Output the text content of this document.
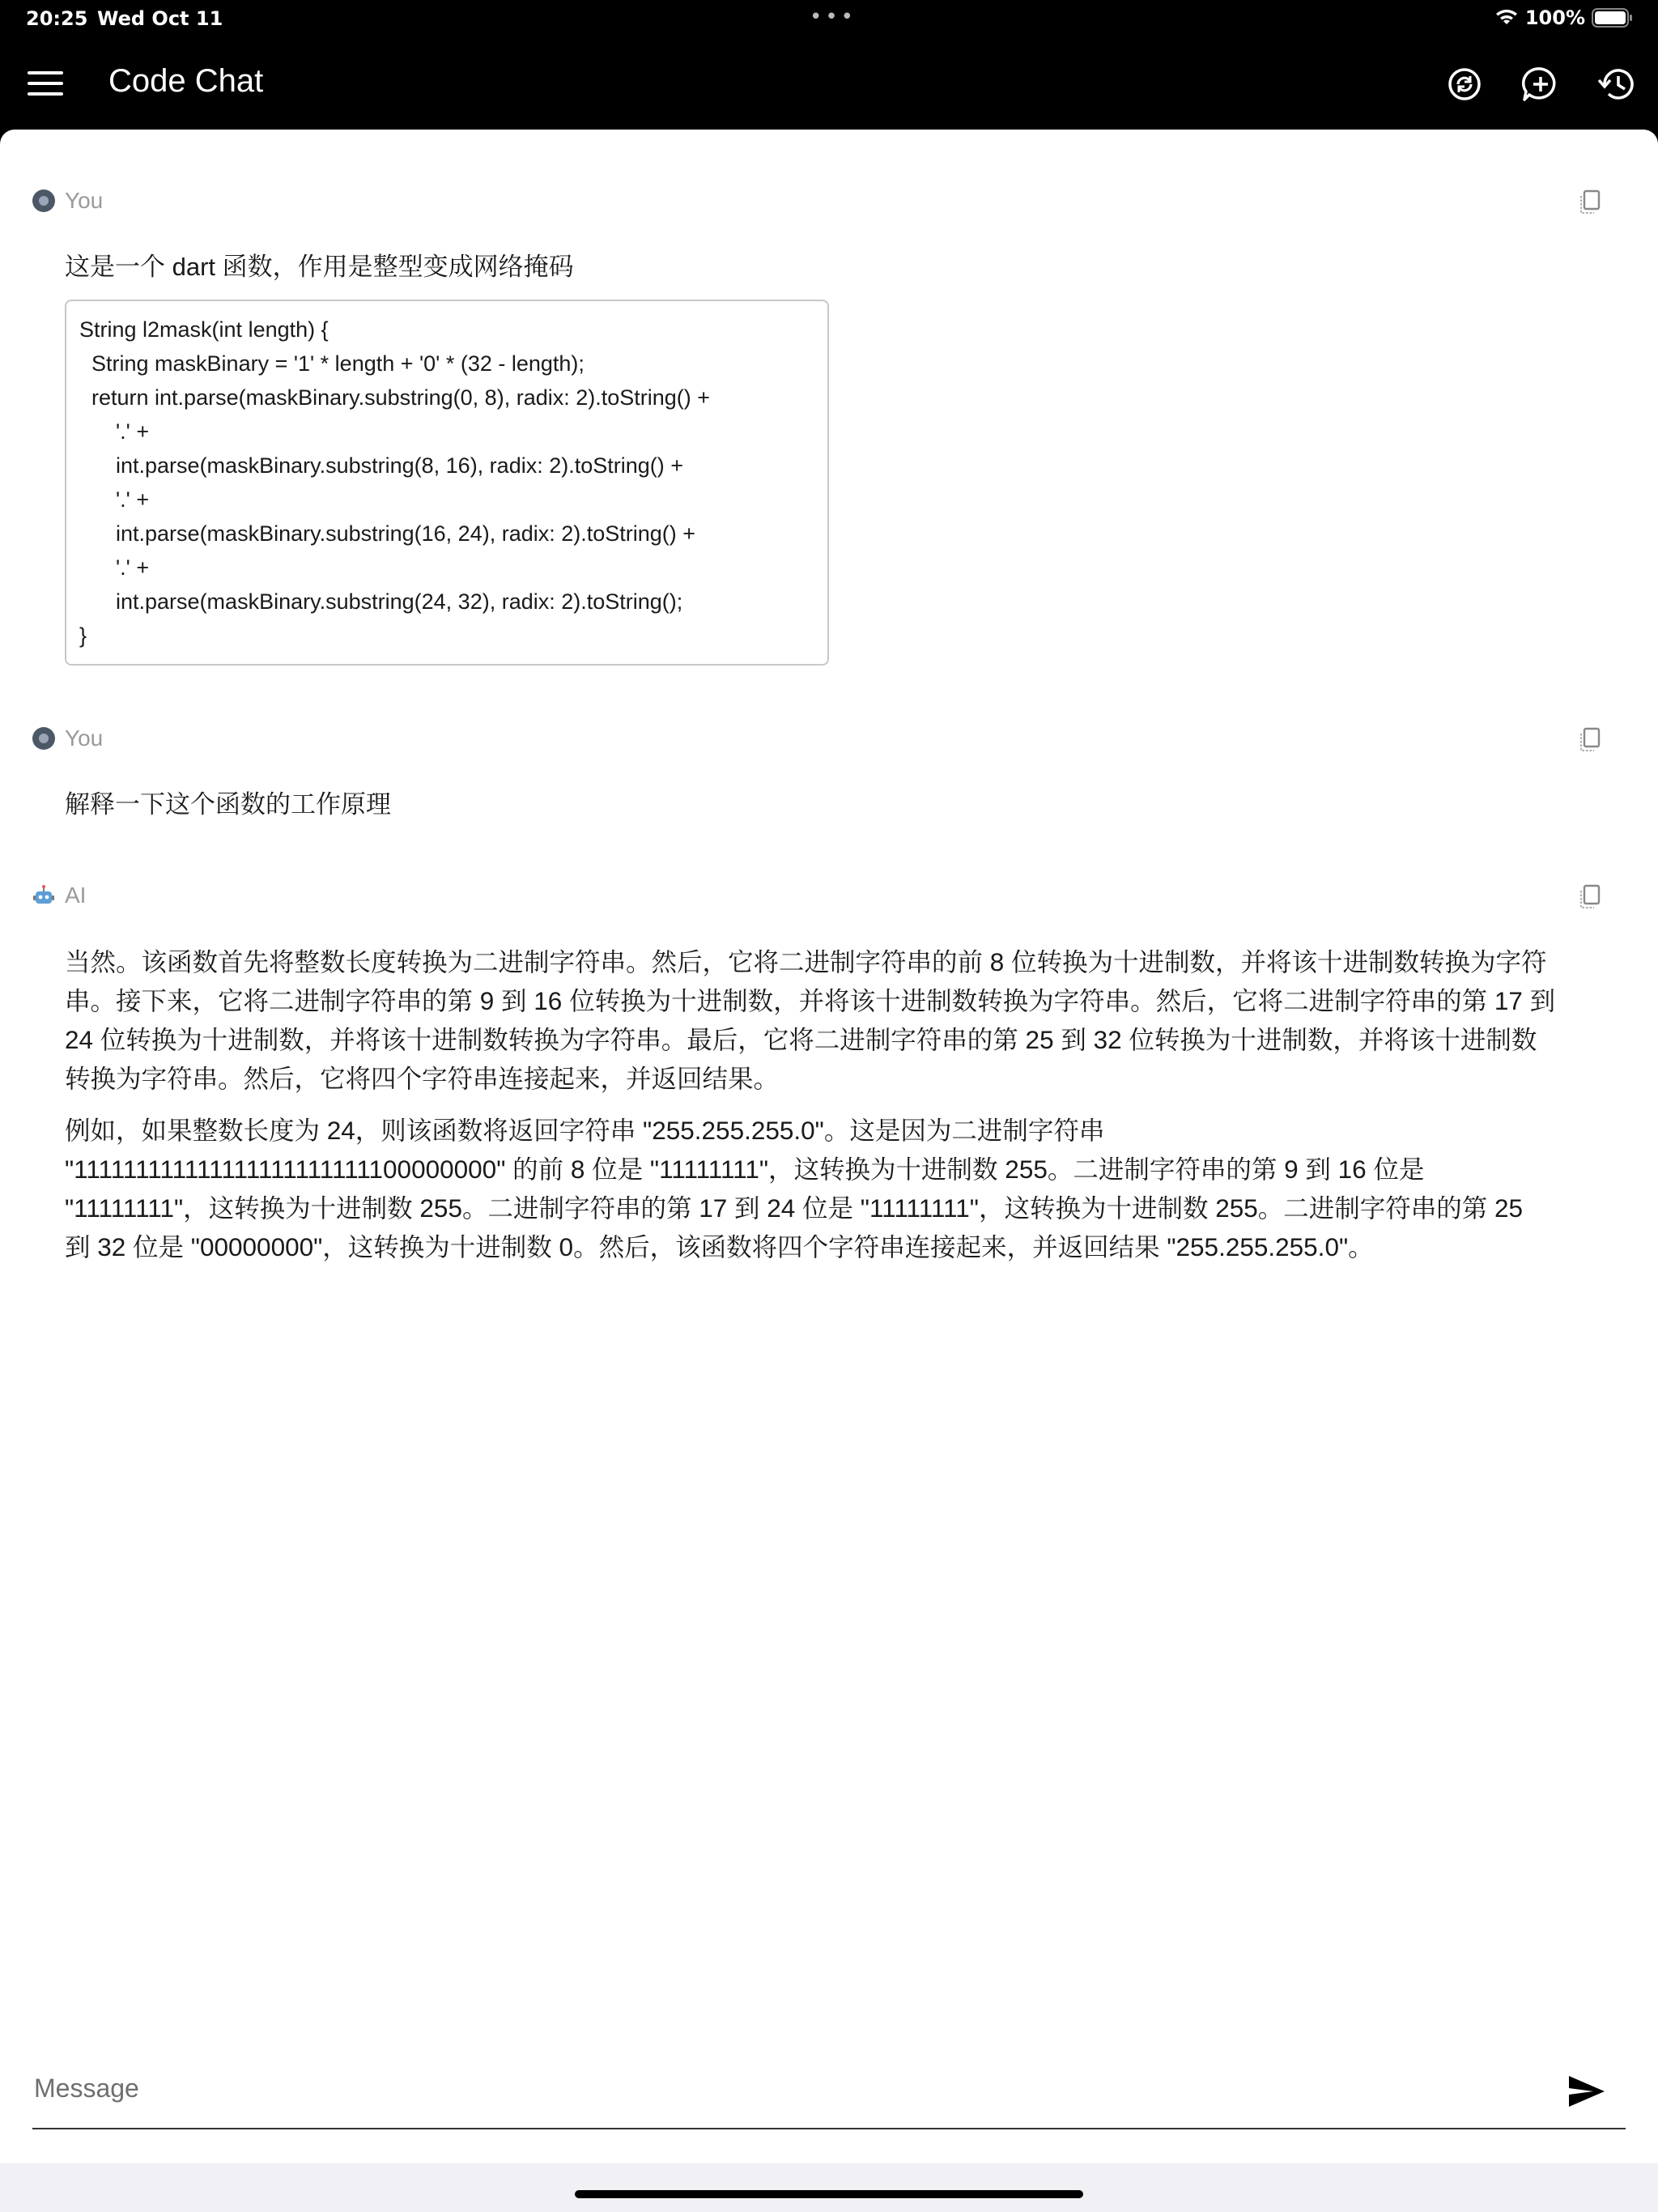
20:25 Wed Oct 11	•••	100%
Code Chat
You
这是一个 dart 函数，作用是整型变成网络掩码
String l2mask(int length) {
String maskBinary = '1' * length + '0' * (32 - length);
return int.parse(maskBinary.substring(0, 8), radix: 2).toString() +
'.' +
int.parse(maskBinary.substring(8, 16), radix: 2).toString() +
'.' +
int.parse(maskBinary.substring(16, 24), radix: 2).toString() +
'.' +
int.parse(maskBinary.substring(24, 32), radix: 2).toString();
}
You
解释一下这个函数的工作原理
AI
当然。该函数首先将整数长度转换为二进制字符串。然后，它将二进制字符串的前 8 位转换为十进制数，并将该十进制数转换为字符
串。接下来，它将二进制字符串的第 9 到 16 位转换为十进制数，并将该十进制数转换为字符串。然后，它将二进制字符串的第 17 到
24 位转换为十进制数，并将该十进制数转换为字符串。最后，它将二进制字符串的第 25 到 32 位转换为十进制数，并将该十进制数
转换为字符串。然后，它将四个字符串连接起来，并返回结果。
例如，如果整数长度为 24，则该函数将返回字符串 "255.255.255.0"。这是因为二进制字符串
"111111111111111111111111100000000" 的前 8 位是 "11111111"，这转换为十进制数 255。二进制字符串的第 9 到 16 位是
"11111111"，这转换为十进制数 255。二进制字符串的第 17 到 24 位是 "11111111"，这转换为十进制数 255。二进制字符串的第 25
到 32 位是 "00000000"，这转换为十进制数 0。然后，该函数将四个字符串连接起来，并返回结果 "255.255.255.0"。
Message
